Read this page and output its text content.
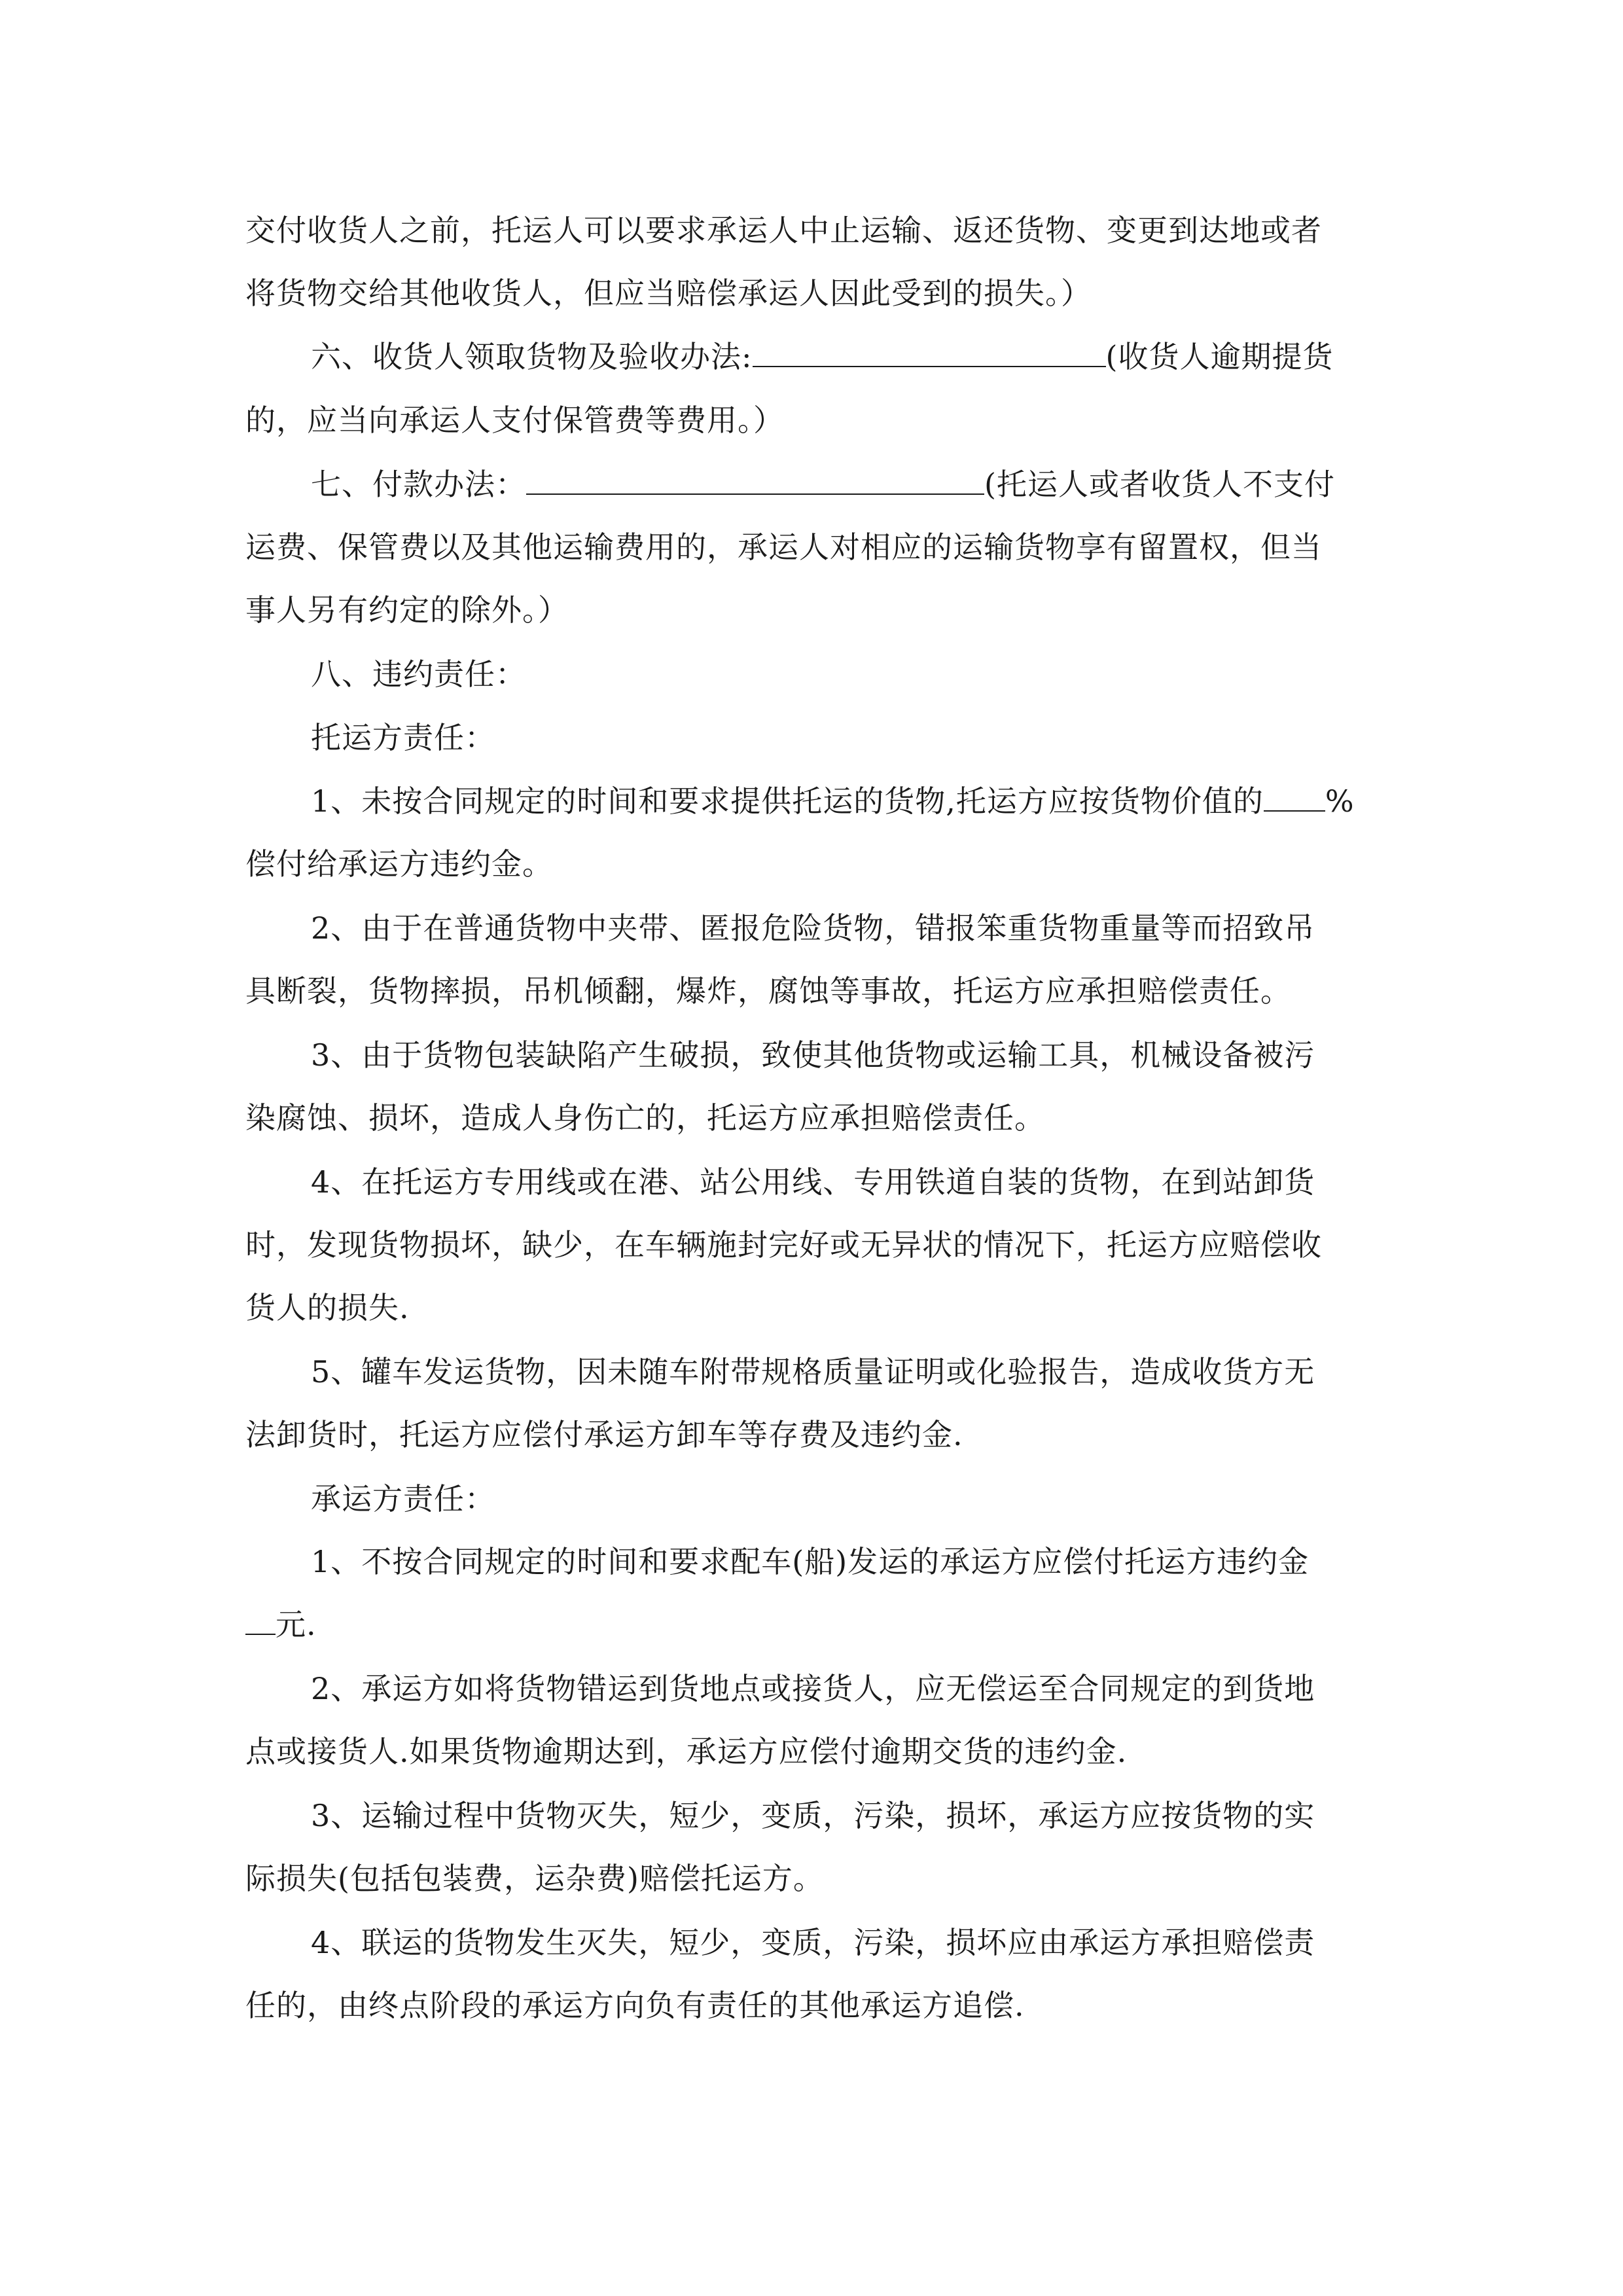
交付收货人之前，托运人可以要求承运人中止运输、返还货物、变更到达地或者
将货物交给其他收货人，但应当赔偿承运人因此受到的损失。）
六、收货人领取货物及验收办法:	(收货人逾期提货
的，应当向承运人支付保管费等费用。）
七、付款办法：	(托运人或者收货人不支付
运费、保管费以及其他运输费用的，承运人对相应的运输货物享有留置权，但当
事人另有约定的除外。）
八、违约责任：
托运方责任：
1、未按合同规定的时间和要求提供托运的货物,托运方应按货物价值的 %
偿付给承运方违约金。
2、由于在普通货物中夹带、匿报危险货物，错报笨重货物重量等而招致吊
具断裂，货物摔损，吊机倾翻，爆炸，腐蚀等事故，托运方应承担赔偿责任。
3、由于货物包装缺陷产生破损，致使其他货物或运输工具，机械设备被污
染腐蚀、损坏，造成人身伤亡的，托运方应承担赔偿责任。
4、在托运方专用线或在港、站公用线、专用铁道自装的货物，在到站卸货
时，发现货物损坏，缺少，在车辆施封完好或无异状的情况下，托运方应赔偿收
货人的损失.
5、罐车发运货物，因未随车附带规格质量证明或化验报告，造成收货方无
法卸货时，托运方应偿付承运方卸车等存费及违约金.
承运方责任：
1、不按合同规定的时间和要求配车(船)发运的承运方应偿付托运方违约金
元.
2、承运方如将货物错运到货地点或接货人，应无偿运至合同规定的到货地
点或接货人.如果货物逾期达到，承运方应偿付逾期交货的违约金.
3、运输过程中货物灭失，短少，变质，污染，损坏，承运方应按货物的实
际损失(包括包装费，运杂费)赔偿托运方。
4、联运的货物发生灭失，短少，变质，污染，损坏应由承运方承担赔偿责
任的，由终点阶段的承运方向负有责任的其他承运方追偿.
